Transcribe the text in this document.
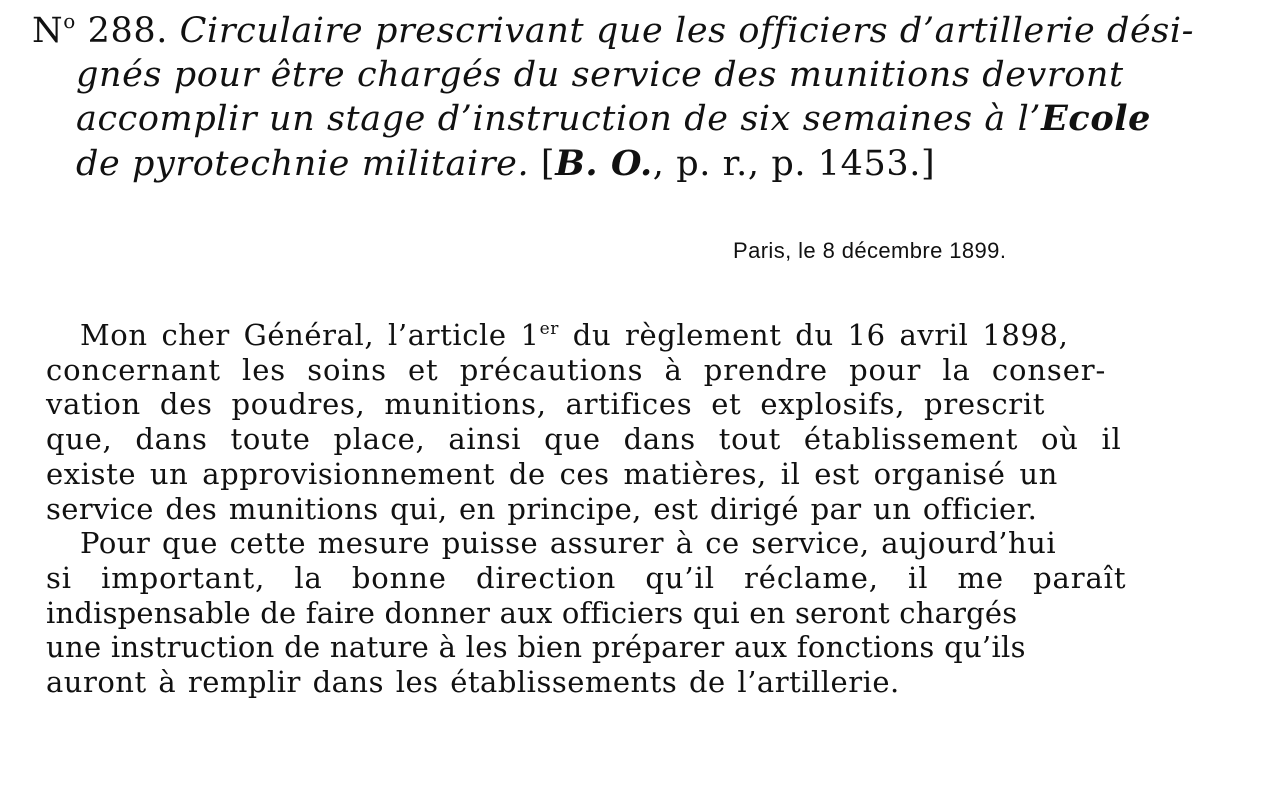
$N^o$ 288. Circulaire prescrivant que les officiers d’artillerie dési-
gnés pour être chargés du service des munitions devront
accomplir un stage d’instruction de six semaines à l’Ecole
de pyrotechnie militaire. [B. O., p. r., p. 1453.]
Paris, le 8 décembre 1899.
Mon cher Général, l’article 1er du règlement du 16 avril 1898,
concernant les soins et précautions à prendre pour la conser-
vation des poudres, munitions, artifices et explosifs, prescrit
que, dans toute place, ainsi que dans tout établissement où il
existe un approvisionnement de ces matières, il est organisé un
service des munitions qui, en principe, est dirigé par un officier.
Pour que cette mesure puisse assurer à ce service, aujourd’hui
si important, la bonne direction qu’il réclame, il me paraît
indispensable de faire donner aux officiers qui en seront chargés
une instruction de nature à les bien préparer aux fonctions qu’ils
auront à remplir dans les établissements de l’artillerie.
